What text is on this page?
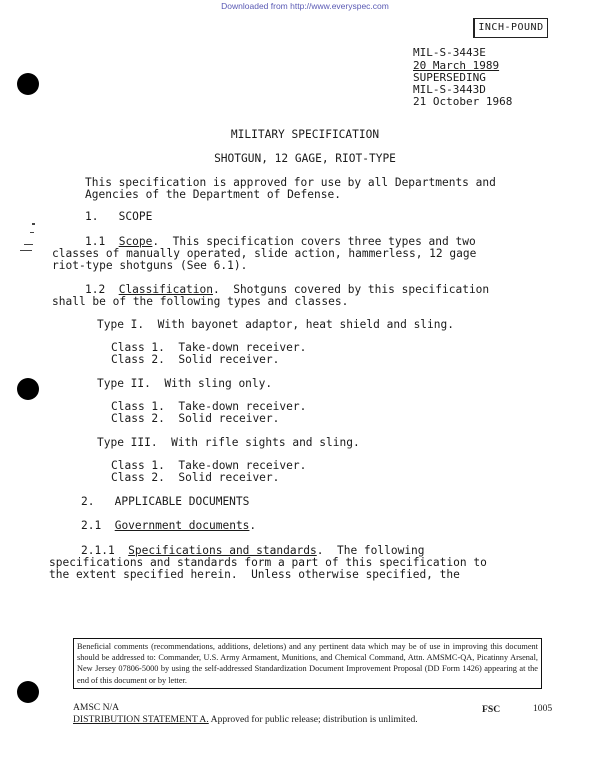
Downloaded from http://www.everyspec.com
INCH-POUND
MIL-S-3443E
20 March 1989
SUPERSEDING
MIL-S-3443D
21 October 1968
MILITARY SPECIFICATION
SHOTGUN, 12 GAGE, RIOT-TYPE
This specification is approved for use by all Departments and
Agencies of the Department of Defense.
1.   SCOPE
1.1 Scope.  This specification covers three types and two
classes of manually operated, slide action, hammerless, 12 gage
riot-type shotguns (See 6.1).
1.2 Classification.  Shotguns covered by this specification
shall be of the following types and classes.
Type I.  With bayonet adaptor, heat shield and sling.
Class 1.  Take-down receiver.
Class 2.  Solid receiver.
Type II.  With sling only.
Class 1.  Take-down receiver.
Class 2.  Solid receiver.
Type III.  With rifle sights and sling.
Class 1.  Take-down receiver.
Class 2.  Solid receiver.
2.   APPLICABLE DOCUMENTS
2.1 Government documents.
2.1.1 Specifications and standards.  The following
specifications and standards form a part of this specification to
the extent specified herein.  Unless otherwise specified, the
Beneficial comments (recommendations, additions, deletions) and any pertinent data which may be of use in improving this document should be addressed to: Commander, U.S. Army Armament, Munitions, and Chemical Command, Attn. AMSMC-QA, Picatinny Arsenal, New Jersey 07806-5000 by using the self-addressed Standardization Document Improvement Proposal (DD Form 1426) appearing at the end of this document or by letter.
AMSC N/A	FSC	1005
DISTRIBUTION STATEMENT A. Approved for public release; distribution is unlimited.
